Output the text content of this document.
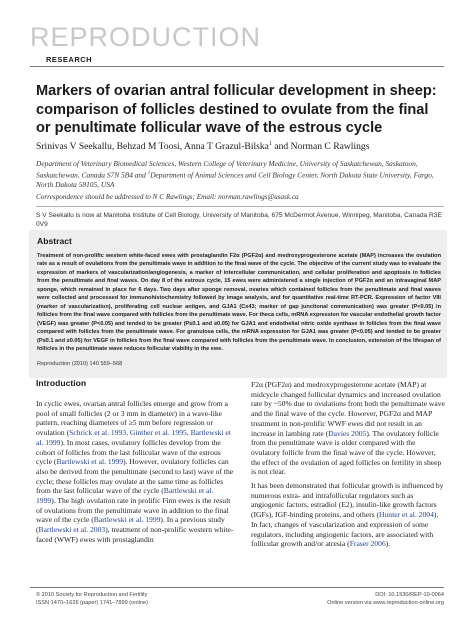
REPRODUCTION
RESEARCH
Markers of ovarian antral follicular development in sheep: comparison of follicles destined to ovulate from the final or penultimate follicular wave of the estrous cycle
Srinivas V Seekallu, Behzad M Toosi, Anna T Grazul-Bilska$^1$ and Norman C Rawlings
Department of Veterinary Biomedical Sciences, Western College of Veterinary Medicine, University of Saskatchewan, Saskatoon, Saskatchewan, Canada S7N 5B4 and $^1$Department of Animal Sciences and Cell Biology Center, North Dakota State University, Fargo, North Dakota 58105, USA
Correspondence should be addressed to N C Rawlings; Email: norman.rawlings@usask.ca
S V Seekallu is now at Manitoba Institute of Cell Biology, University of Manitoba, 675 McDermot Avenue, Winnipeg, Manitoba, Canada R3E 0V9
Abstract
Treatment of non-prolific western white-faced ewes with prostaglandin F2α (PGF2α) and medroxyprogesterone acetate (MAP) increases the ovulation rate as a result of ovulations from the penultimate wave in addition to the final wave of the cycle. The objective of the current study was to evaluate the expression of markers of vascularization/angiogenesis, a marker of intercellular communication, and cellular proliferation and apoptosis in follicles from the penultimate and final waves. On day 8 of the estrous cycle, 15 ewes were administered a single injection of PGF2α and an intravaginal MAP sponge, which remained in place for 6 days. Two days after sponge removal, ovaries which contained follicles from the penultimate and final waves were collected and processed for immunohistochemistry followed by image analysis, and for quantitative real-time RT-PCR. Expression of factor VIII (marker of vascularization), proliferating cell nuclear antigen, and GJA1 (Cx43; marker of gap junctional communication) was greater (P<0.05) in follicles from the final wave compared with follicles from the penultimate wave. For theca cells, mRNA expression for vascular endothelial growth factor (VEGF) was greater (P<0.05) and tended to be greater (P≤0.1 and ≥0.05) for GJA1 and endothelial nitric oxide synthase in follicles from the final wave compared with follicles from the penultimate wave. For granulosa cells, the mRNA expression for GJA1 was greater (P<0.05) and tended to be greater (P≤0.1 and ≥0.05) for VEGF in follicles from the final wave compared with follicles from the penultimate wave. In conclusion, extension of the lifespan of follicles in the penultimate wave reduces follicular viability in the ewe.
Reproduction (2010) 140 559–568
Introduction

In cyclic ewes, ovarian antral follicles emerge and grow from a pool of small follicles (2 or 3 mm in diameter) in a wave-like pattern, reaching diameters of ≥5 mm before regression or ovulation (Schrick et al. 1993, Ginther et al. 1995, Bartlewski et al. 1999). In most cases, ovulatory follicles develop from the cohort of follicles from the last follicular wave of the estrous cycle (Bartlewski et al. 1999). However, ovulatory follicles can also be derived from the penultimate (second to last) wave of the cycle; these follicles may ovulate at the same time as follicles from the last follicular wave of the cycle (Bartlewski et al. 1999). The high ovulation rate in prolific Finn ewes is the result of ovulations from the penultimate wave in addition to the final wave of the cycle (Bartlewski et al. 1999). In a previous study (Bartlewski et al. 2003), treatment of non-prolific western white-faced (WWF) ewes with prostaglandin

F2α (PGF2α) and medroxyprogesterone acetate (MAP) at midcycle changed follicular dynamics and increased ovulation rate by ~50% due to ovulations from both the penultimate wave and the final wave of the cycle. However, PGF2α and MAP treatment in non-prolific WWF ewes did not result in an increase in lambing rate (Davies 2005). The ovulatory follicle from the penultimate wave is older compared with the ovulatory follicle from the final wave of the cycle. However, the effect of the ovulation of aged follicles on fertility in sheep is not clear.

It has been demonstrated that follicular growth is influenced by numerous extra- and intrafollicular regulators such as angiogenic factors, estradiol (E2), insulin-like growth factors (IGFs), IGF-binding proteins, and others (Hunter et al. 2004). In fact, changes of vascularization and expression of some regulators, including angiogenic factors, are associated with follicular growth and/or atresia (Fraser 2006).

© 2010 Society for Reproduction and Fertility
ISSN 1470–1626 (paper) 1741–7899 (online)
DOI: 10.1530/REP-10-0064
Online version via www.reproduction-online.org
